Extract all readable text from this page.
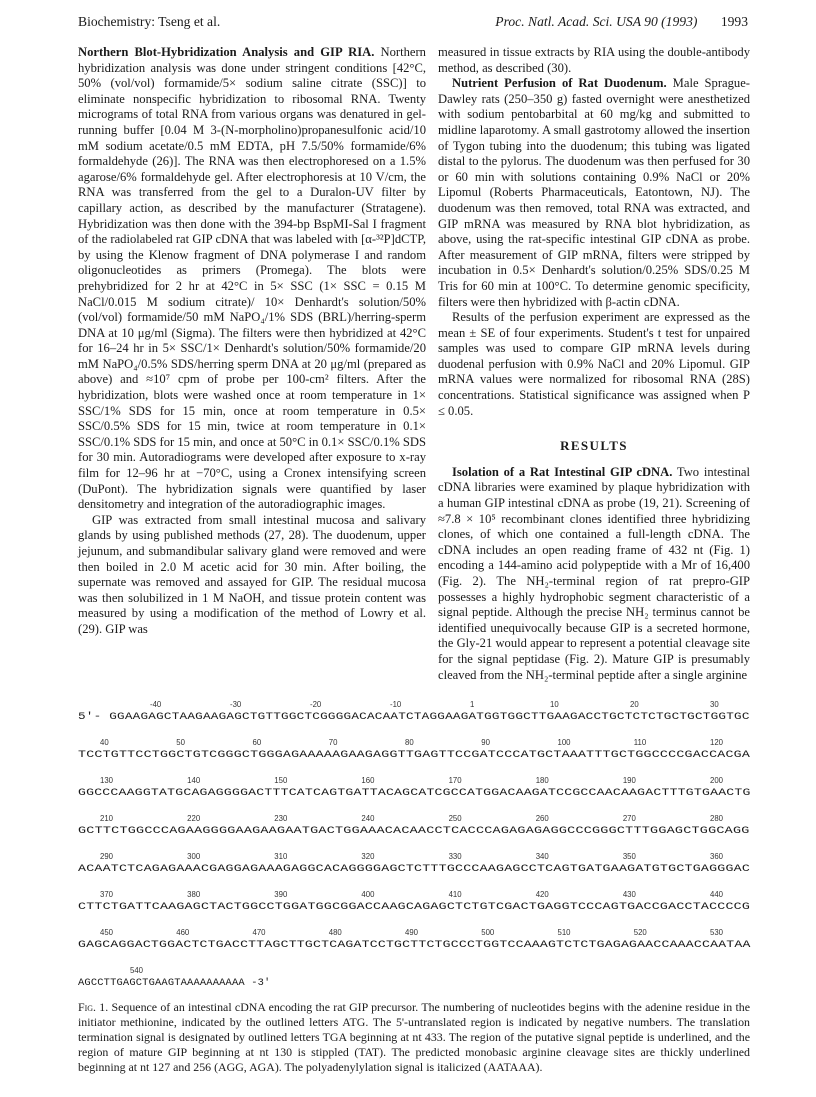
Biochemistry: Tseng et al.	Proc. Natl. Acad. Sci. USA 90 (1993) 1993

Northern Blot-Hybridization Analysis and GIP RIA. Northern hybridization analysis was done under stringent conditions [42°C, 50% (vol/vol) formamide/5× sodium saline citrate (SSC)] to eliminate nonspecific hybridization to ribosomal RNA. Twenty micrograms of total RNA from various organs was denatured in gel-running buffer [0.04 M 3-(N-morpholino)propanesulfonic acid/10 mM sodium acetate/0.5 mM EDTA, pH 7.5/50% formamide/6% formaldehyde (26)]. The RNA was then electrophoresed on a 1.5% agarose/6% formaldehyde gel. After electrophoresis at 10 V/cm, the RNA was transferred from the gel to a Duralon-UV filter by capillary action, as described by the manufacturer (Stratagene). Hybridization was then done with the 394-bp BspMI-Sal I fragment of the radiolabeled rat GIP cDNA that was labeled with [α-³²P]dCTP, by using the Klenow fragment of DNA polymerase I and random oligonucleotides as primers (Promega). The blots were prehybridized for 2 hr at 42°C in 5× SSC (1× SSC = 0.15 M NaCl/0.015 M sodium citrate)/ 10× Denhardt's solution/50% (vol/vol) formamide/50 mM NaPO₄/1% SDS (BRL)/herring-sperm DNA at 10 μg/ml (Sigma). The filters were then hybridized at 42°C for 16–24 hr in 5× SSC/1× Denhardt's solution/50% formamide/20 mM NaPO₄/0.5% SDS/herring sperm DNA at 20 μg/ml (prepared as above) and ≈10⁷ cpm of probe per 100-cm² filters. After the hybridization, blots were washed once at room temperature in 1× SSC/1% SDS for 15 min, once at room temperature in 0.5× SSC/0.5% SDS for 15 min, twice at room temperature in 0.1× SSC/0.1% SDS for 15 min, and once at 50°C in 0.1× SSC/0.1% SDS for 30 min. Autoradiograms were developed after exposure to x-ray film for 12–96 hr at −70°C, using a Cronex intensifying screen (DuPont). The hybridization signals were quantified by laser densitometry and integration of the autoradiographic images.

GIP was extracted from small intestinal mucosa and salivary glands by using published methods (27, 28). The duodenum, upper jejunum, and submandibular salivary gland were removed and were then boiled in 2.0 M acetic acid for 30 min. After boiling, the supernate was removed and assayed for GIP. The residual mucosa was then solubilized in 1 M NaOH, and tissue protein content was measured by using a modification of the method of Lowry et al. (29). GIP was

measured in tissue extracts by RIA using the double-antibody method, as described (30).

Nutrient Perfusion of Rat Duodenum. Male Sprague-Dawley rats (250–350 g) fasted overnight were anesthetized with sodium pentobarbital at 60 mg/kg and submitted to midline laparotomy. A small gastrotomy allowed the insertion of Tygon tubing into the duodenum; this tubing was ligated distal to the pylorus. The duodenum was then perfused for 30 or 60 min with solutions containing 0.9% NaCl or 20% Lipomul (Roberts Pharmaceuticals, Eatontown, NJ). The duodenum was then removed, total RNA was extracted, and GIP mRNA was measured by RNA blot hybridization, as above, using the rat-specific intestinal GIP cDNA as probe. After measurement of GIP mRNA, filters were stripped by incubation in 0.5× Denhardt's solution/0.25% SDS/0.25 M Tris for 60 min at 100°C. To determine genomic specificity, filters were then hybridized with β-actin cDNA.

Results of the perfusion experiment are expressed as the mean ± SE of four experiments. Student's t test for unpaired samples was used to compare GIP mRNA levels during duodenal perfusion with 0.9% NaCl and 20% Lipomul. GIP mRNA values were normalized for ribosomal RNA (28S) concentrations. Statistical significance was assigned when P ≤ 0.05.

RESULTS

Isolation of a Rat Intestinal GIP cDNA. Two intestinal cDNA libraries were examined by plaque hybridization with a human GIP intestinal cDNA as probe (19, 21). Screening of ≈7.8 × 10⁵ recombinant clones identified three hybridizing clones, of which one contained a full-length cDNA. The cDNA includes an open reading frame of 432 nt (Fig. 1) encoding a 144-amino acid polypeptide with a Mr of 16,400 (Fig. 2). The NH₂-terminal region of rat prepro-GIP possesses a highly hydrophobic segment characteristic of a signal peptide. Although the precise NH₂ terminus cannot be identified unequivocally because GIP is a secreted hormone, the Gly-21 would appear to represent a potential cleavage site for the signal peptidase (Fig. 2). Mature GIP is presumably cleaved from the NH₂-terminal peptide after a single arginine

-40	-30	-20	-10	1	10	20	30
5'- GGAAGAGCTAAGAAGAGCTGTTGGCTCGGGGACACAATCTAGGAAGATGGTGGCTTGAAGACCTGCTCTCTGCTGCTGGTGC
40	50	60	70	80	90	100	110	120
TCCTGTTCCTGGCTGTCGGGCTGGGAGAAAAAGAAGAGGTTGAGTTCCGATCCCATGCTAAATTTGCTGGCCCCGACCACGA
130	140	150	160	170	180	190	200
GGCCCAAGGTATGCAGAGGGGACTTTCATCAGTGATTACAGCATCGCCATGGACAAGATCCGCCAACAAGACTTTGTGAACTG
210	220	230	240	250	260	270	280
GCTTCTGGCCCAGAAGGGGAAGAAGAATGACTGGAAACACAACCTCACCCAGAGAGAGGCCCGGGCTTTGGAGCTGGCAGG
290	300	310	320	330	340	350	360
ACAATCTCAGAGAAACGAGGAGAAAGAGGCACAGGGGAGCTCTTTGCCCAAGAGCCTCAGTGATGAAGATGTGCTGAGGGAC
370	380	390	400	410	420	430	440
CTTCTGATTCAAGAGCTACTGGCCTGGATGGCGGACCAAGCAGAGCTCTGTCGACTGAGGTCCCAGTGACCGACCTACCCCG
450	460	470	480	490	500	510	520	530
GAGCAGGACTGGACTCTGACCTTAGCTTGCTCAGATCCTGCTTCTGCCCTGGTCCAAAGTCTCTGAGAGAACCAAACCAATAA
540
AGCCTTGAGCTGAAGTAAAAAAAAAA -3'
Fig. 1. Sequence of an intestinal cDNA encoding the rat GIP precursor. The numbering of nucleotides begins with the adenine residue in the initiator methionine, indicated by the outlined letters ATG. The 5'-untranslated region is indicated by negative numbers. The translation termination signal is designated by outlined letters TGA beginning at nt 433. The region of the putative signal peptide is underlined, and the region of mature GIP beginning at nt 130 is stippled (TAT). The predicted monobasic arginine cleavage sites are thickly underlined beginning at nt 127 and 256 (AGG, AGA). The polyadenylylation signal is italicized (AATAAA).
